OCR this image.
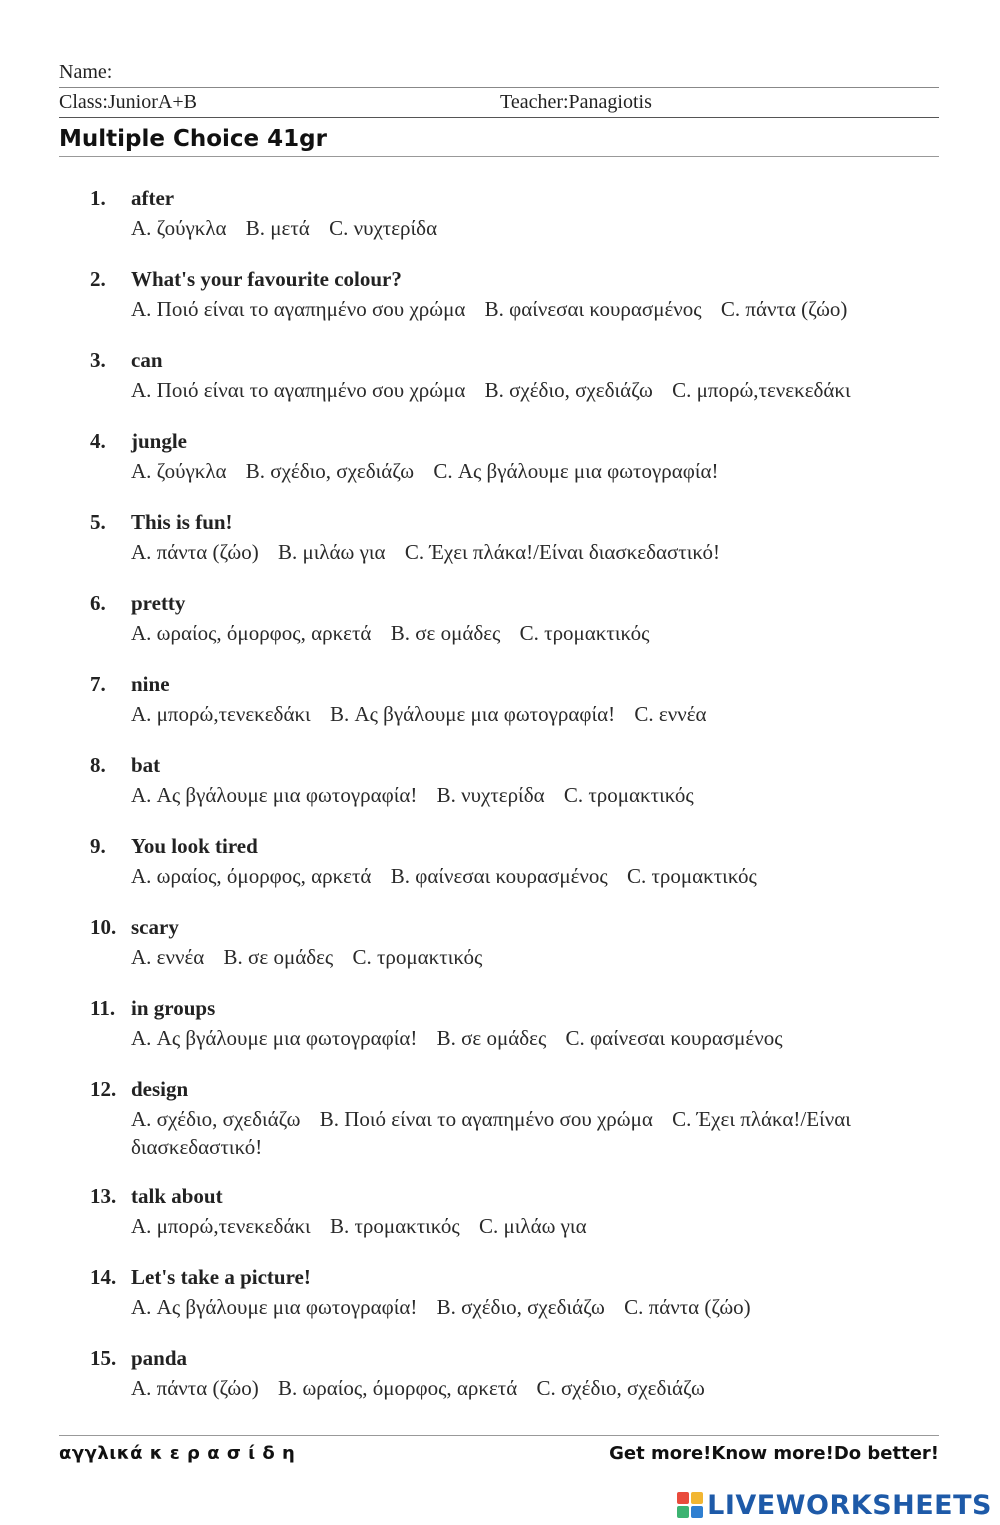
Name:
Class:JuniorA+B	Teacher:Panagiotis
Multiple Choice 41gr
1. after
A. ζούγκλα B. μετά C. νυχτερίδα
2. What's your favourite colour?
A. Ποιό είναι το αγαπημένο σου χρώμα B. φαίνεσαι κουρασμένος C. πάντα (ζώο)
3. can
A. Ποιό είναι το αγαπημένο σου χρώμα B. σχέδιο, σχεδιάζω C. μπορώ,τενεκεδάκι
4. jungle
A. ζούγκλα B. σχέδιο, σχεδιάζω C. Ας βγάλουμε μια φωτογραφία!
5. This is fun!
A. πάντα (ζώο) B. μιλάω για C. Έχει πλάκα!/Είναι διασκεδαστικό!
6. pretty
A. ωραίος, όμορφος, αρκετά B. σε ομάδες C. τρομακτικός
7. nine
A. μπορώ,τενεκεδάκι B. Ας βγάλουμε μια φωτογραφία! C. εννέα
8. bat
A. Ας βγάλουμε μια φωτογραφία! B. νυχτερίδα C. τρομακτικός
9. You look tired
A. ωραίος, όμορφος, αρκετά B. φαίνεσαι κουρασμένος C. τρομακτικός
10. scary
A. εννέα B. σε ομάδες C. τρομακτικός
11. in groups
A. Ας βγάλουμε μια φωτογραφία! B. σε ομάδες C. φαίνεσαι κουρασμένος
12. design
A. σχέδιο, σχεδιάζω B. Ποιό είναι το αγαπημένο σου χρώμα C. Έχει πλάκα!/Είναι διασκεδαστικό!
13. talk about
A. μπορώ,τενεκεδάκι B. τρομακτικός C. μιλάω για
14. Let's take a picture!
A. Ας βγάλουμε μια φωτογραφία! B. σχέδιο, σχεδιάζω C. πάντα (ζώο)
15. panda
A. πάντα (ζώο) B. ωραίος, όμορφος, αρκετά C. σχέδιο, σχεδιάζω
αγγλικά κ ε ρ α σ ί δ η	Get more!Know more!Do better!
LIVEWORKSHEETS
